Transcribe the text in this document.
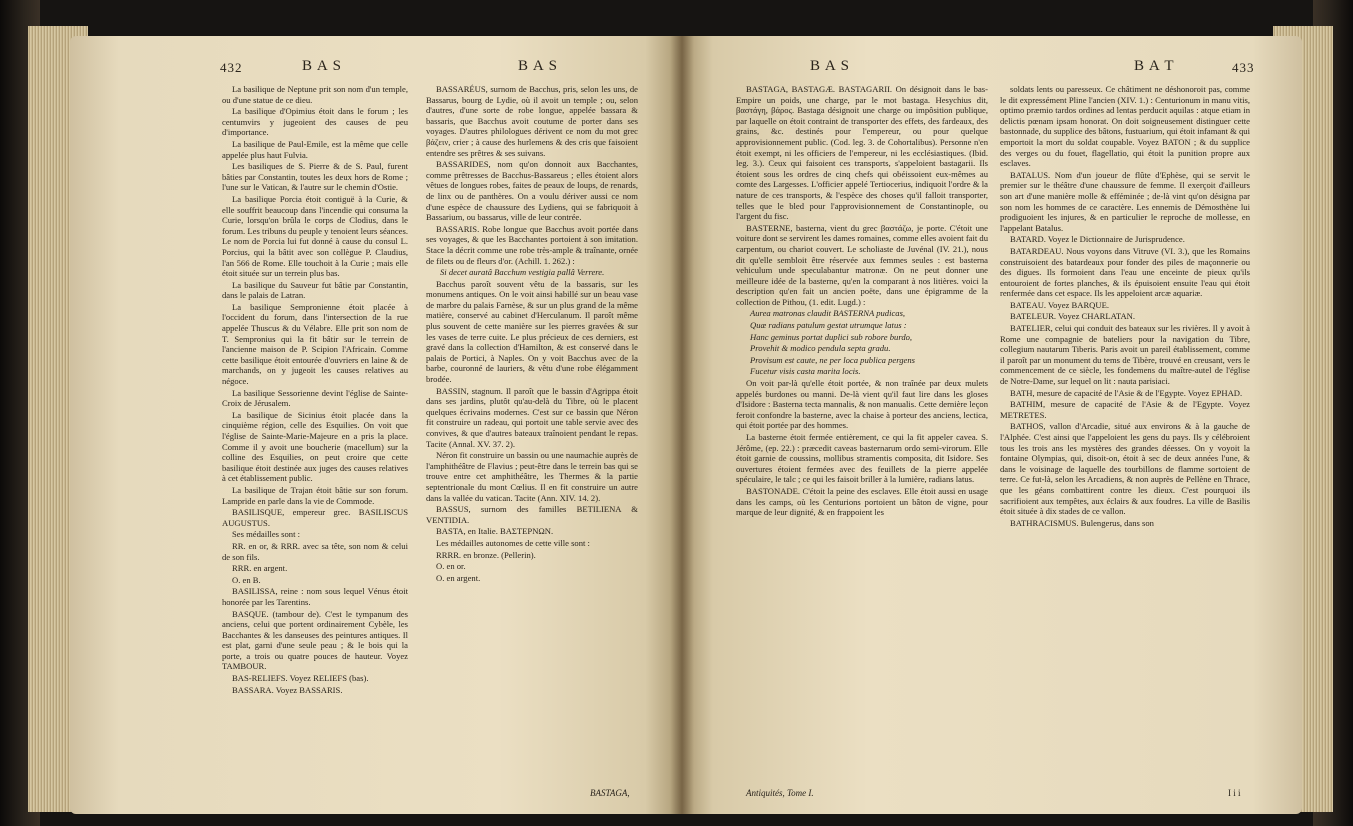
432	B A S	B A S

La basilique de Neptune prit son nom d'un temple, ou d'une statue de ce dieu.

La basilique d'Opimius étoit dans le forum ; les centumvirs y jugeoient des causes de peu d'importance.

La basilique de Paul-Emile, est la même que celle appelée plus haut Fulvia.

Les basiliques de S. Pierre & de S. Paul, furent bâties par Constantin, toutes les deux hors de Rome ; l'une sur le Vatican, & l'autre sur le chemin d'Ostie.

La basilique Porcia étoit contiguë à la Curie, & elle souffrit beaucoup dans l'incendie qui consuma la Curie, lorsqu'on brûla le corps de Clodius, dans le forum. Les tribuns du peuple y tenoient leurs séances. Le nom de Porcia lui fut donné à cause du consul L. Porcius, qui la bâtit avec son collègue P. Claudius, l'an 566 de Rome. Elle touchoit à la Curie ; mais elle étoit située sur un terrein plus bas.

La basilique du Sauveur fut bâtie par Constantin, dans le palais de Latran.

La basilique Sempronienne étoit placée à l'occident du forum, dans l'intersection de la rue appelée Thuscus & du Vélabre. Elle prit son nom de T. Sempronius qui la fit bâtir sur le terrein de l'ancienne maison de P. Scipion l'Africain. Comme cette basilique étoit entourée d'ouvriers en laine & de marchands, on y jugeoit les causes relatives au négoce.

La basilique Sessorienne devint l'église de Sainte-Croix de Jérusalem.

La basilique de Sicinius étoit placée dans la cinquième région, celle des Esquilies. On voit que l'église de Sainte-Marie-Majeure en a pris la place. Comme il y avoit une boucherie (macellum) sur la colline des Esquilies, on peut croire que cette basilique étoit destinée aux juges des causes relatives à cet établissement public.

La basilique de Trajan étoit bâtie sur son forum. Lampride en parle dans la vie de Commode.

BASILISQUE, empereur grec. BASILISCUS AUGUSTUS.

Ses médailles sont :

RR. en or, & RRR. avec sa tête, son nom & celui de son fils.

RRR. en argent.

O. en B.

BASILISSA, reine : nom sous lequel Vénus étoit honorée par les Tarentins.

BASQUE. (tambour de). C'est le tympanum des anciens, celui que portent ordinairement Cybèle, les Bacchantes & les danseuses des peintures antiques. Il est plat, garni d'une seule peau ; & le bois qui la porte, a trois ou quatre pouces de hauteur. Voyez TAMBOUR.

BAS-RELIEFS. Voyez RELIEFS (bas).

BASSARA. Voyez BASSARIS.

BASSARÉUS, surnom de Bacchus, pris, selon les uns, de Bassarus, bourg de Lydie, où il avoit un temple ; ou, selon d'autres, d'une sorte de robe longue, appelée bassara & bassaris, que Bacchus avoit coutume de porter dans ses voyages. D'autres philologues dérivent ce nom du mot grec βάζειν, crier ; à cause des hurlemens & des cris que faisoient entendre ses prêtres & ses suivans.

BASSARIDES, nom qu'on donnoit aux Bacchantes, comme prêtresses de Bacchus-Bassareus ; elles étoient alors vêtues de longues robes, faites de peaux de loups, de renards, de linx ou de panthères. On a voulu dériver aussi ce nom d'une espèce de chaussure des Lydiens, qui se fabriquoit à Bassarium, ou bassarus, ville de leur contrée.

BASSARIS. Robe longue que Bacchus avoit portée dans ses voyages, & que les Bacchantes portoient à son imitation. Stace la décrit comme une robe très-ample & traînante, ornée de filets ou de fleurs d'or. (Achill. 1. 262.) :

Si decet auratâ Bacchum vestigia pallâ Verrere.

Bacchus paroît souvent vêtu de la bassaris, sur les monumens antiques. On le voit ainsi habillé sur un beau vase de marbre du palais Farnèse, & sur un plus grand de la même matière, conservé au cabinet d'Herculanum. Il paroît même plus souvent de cette manière sur les pierres gravées & sur les vases de terre cuite. Le plus précieux de ces derniers, est gravé dans la collection d'Hamilton, & est conservé dans le palais de Portici, à Naples. On y voit Bacchus avec de la barbe, couronné de lauriers, & vêtu d'une robe élégamment brodée.

BASSIN, stagnum. Il paroît que le bassin d'Agrippa étoit dans ses jardins, plutôt qu'au-delà du Tibre, où le placent quelques écrivains modernes. C'est sur ce bassin que Néron fit construire un radeau, qui portoit une table servie avec des convives, & que d'autres bateaux traînoient pendant le repas. Tacite (Annal. XV. 37. 2).

Néron fit construire un bassin ou une naumachie auprès de l'amphithéâtre de Flavius ; peut-être dans le terrein bas qui se trouve entre cet amphithéâtre, les Thermes & la partie septentrionale du mont Cœlius. Il en fit construire un autre dans la vallée du vatican. Tacite (Ann. XIV. 14. 2).

BASSUS, surnom des familles BETILIENA & VENTIDIA.

BASTA, en Italie. ΒΑΣΤΕΡΝΩΝ.

Les médailles autonomes de cette ville sont :

RRRR. en bronze. (Pellerin).

O. en or.

O. en argent.

BASTAGA,
B A S	B A T	433

BASTAGA, BASTAGÆ. BASTAGARII. On désignoit dans le bas-Empire un poids, une charge, par le mot bastaga. Hesychius dit, βαστάγη, βάρος. Bastaga désignoit une charge ou impôsition publique, par laquelle on étoit contraint de transporter des effets, des fardeaux, des grains, &c. destinés pour l'empereur, ou pour quelque approvisionnement public. (Cod. leg. 3. de Cohortalibus). Personne n'en étoit exempt, ni les officiers de l'empereur, ni les ecclésiastiques. (Ibid. leg. 3.). Ceux qui faisoient ces transports, s'appeloient bastagarii. Ils étoient sous les ordres de cinq chefs qui obéissoient eux-mêmes au comte des Largesses. L'officier appelé Tertiocerius, indiquoit l'ordre & la nature de ces transports, & l'espèce des choses qu'il falloit transporter, telles que le bled pour l'approvisionnement de Constantinople, ou l'argent du fisc.

BASTERNE, basterna, vient du grec βαστάζω, je porte. C'étoit une voiture dont se servirent les dames romaines, comme elles avoient fait du carpentum, ou chariot couvert. Le scholiaste de Juvénal (IV. 21.), nous dit qu'elle sembloit être réservée aux femmes seules : est basterna vehiculum unde speculabantur matronæ. On ne peut donner une meilleure idée de la basterne, qu'en la comparant à nos litières. voici la description qu'en fait un ancien poëte, dans une épigramme de la collection de Pithou, (1. edit. Lugd.) :

Aurea matronas claudit BASTERNA pudicas,

Quæ radians patulum gestat utrumque latus :

Hanc geminus portat duplici sub robore burdo,

Provehit & modico pendula septa gradu.

Provisum est caute, ne per loca publica pergens

Fucetur visis casta marita locis.

On voit par-là qu'elle étoit portée, & non traînée par deux mulets appelés burdones ou manni. De-là vient qu'il faut lire dans les gloses d'Isidore : Basterna tecta mannalis, & non manualis. Cette dernière leçon feroit confondre la basterne, avec la chaise à porteur des anciens, lectica, qui étoit portée par des hommes.

La basterne étoit fermée entièrement, ce qui la fit appeler cavea. S. Jérôme, (ep. 22.) : præcedit caveas basternarum ordo semi-virorum. Elle étoit garnie de coussins, mollibus stramentis composita, dit Isidore. Ses ouvertures étoient fermées avec des feuillets de la pierre appelée spéculaire, le talc ; ce qui les faisoit briller à la lumière, radians latus.

BASTONADE. C'étoit la peine des esclaves. Elle étoit aussi en usage dans les camps, où les Centurions portoient un bâton de vigne, pour marque de leur dignité, & en frappoient les

soldats lents ou paresseux. Ce châtiment ne déshonoroit pas, comme le dit expressément Pline l'ancien (XIV. 1.) : Centurionum in manu vitis, optimo præmio tardos ordines ad lentas perducit aquilas : atque etiam in delictis pœnam ipsam honorat. On doit soigneusement distinguer cette bastonnade, du supplice des bâtons, fustuarium, qui étoit infamant & qui emportoit la mort du soldat coupable. Voyez BATON ; & du supplice des verges ou du fouet, flagellatio, qui étoit la punition propre aux esclaves.

BATALUS. Nom d'un joueur de flûte d'Ephèse, qui se servit le premier sur le théâtre d'une chaussure de femme. Il exerçoit d'ailleurs son art d'une manière molle & efféminée ; de-là vint qu'on désigna par son nom les hommes de ce caractère. Les ennemis de Démosthène lui prodiguoient les injures, & en particulier le reproche de mollesse, en l'appelant Batalus.

BATARD. Voyez le Dictionnaire de Jurisprudence.

BATARDEAU. Nous voyons dans Vitruve (VI. 3.), que les Romains construisoient des batardeaux pour fonder des piles de maçonnerie ou des digues. Ils formoient dans l'eau une enceinte de pieux qu'ils entouroient de fortes planches, & ils épuisoient ensuite l'eau qui étoit renfermée dans cet espace. Ils les appeloient arcæ aquariæ.

BATEAU. Voyez BARQUE.

BATELEUR. Voyez CHARLATAN.

BATELIER, celui qui conduit des bateaux sur les rivières. Il y avoit à Rome une compagnie de bateliers pour la navigation du Tibre, collegium nautarum Tiberis. Paris avoit un pareil établissement, comme il paroît par un monument du tems de Tibère, trouvé en creusant, vers le commencement de ce siècle, les fondemens du maître-autel de l'église de Notre-Dame, sur lequel on lit : nauta parisiaci.

BATH, mesure de capacité de l'Asie & de l'Egypte. Voyez EPHAD.

BATHIM, mesure de capacité de l'Asie & de l'Egypte. Voyez METRETES.

BATHOS, vallon d'Arcadie, situé aux environs & à la gauche de l'Alphée. C'est ainsi que l'appeloient les gens du pays. Ils y célébroient tous les trois ans les mystères des grandes déesses. On y voyoit la fontaine Olympias, qui, disoit-on, étoit à sec de deux années l'une, & dans le voisinage de laquelle des tourbillons de flamme sortoient de terre. Ce fut-là, selon les Arcadiens, & non auprès de Pellène en Thrace, que les géans combattirent contre les dieux. C'est pourquoi ils sacrifioient aux tempêtes, aux éclairs & aux foudres. La ville de Basilis étoit située à dix stades de ce vallon.

BATHRACISMUS. Bulengerus, dans son

Antiquités, Tome I.	I i i
